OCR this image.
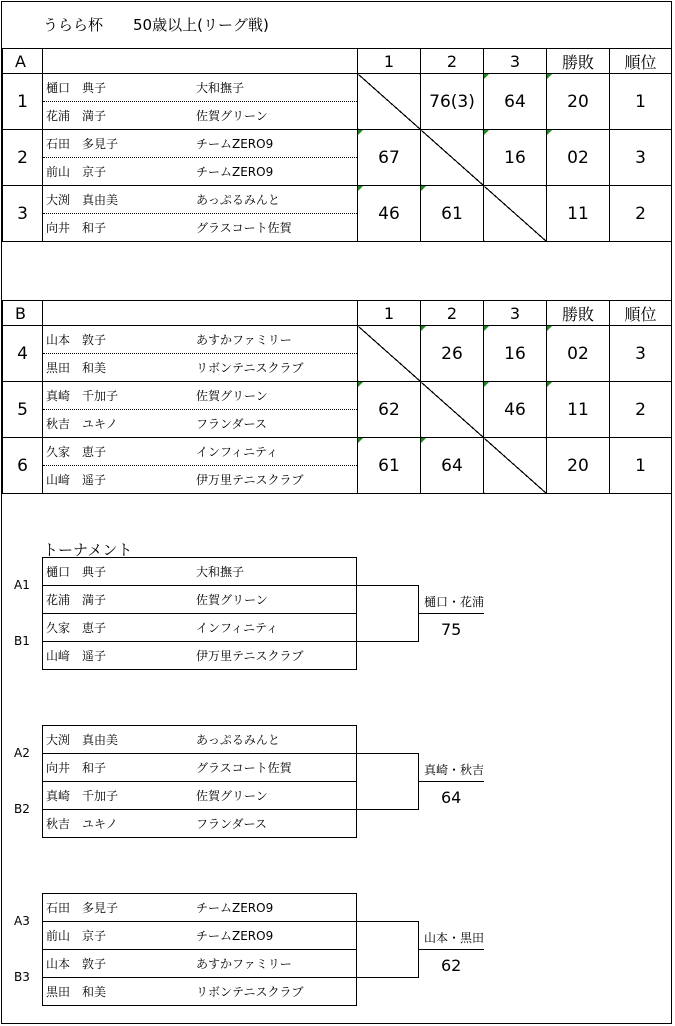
うらら杯　　50歳以上(リーグ戦)
A		1	2	3	勝敗	順位
1	樋口　典子 大和撫子
花浦　満子 佐賀グリーン		76(3)	64	20	1
2	石田　多見子 チームZERO9
前山　京子 チームZERO9	67		16	02	3
3	大渕　真由美 あっぷるみんと
向井　和子 グラスコート佐賀	46	61		11	2
B		1	2	3	勝敗	順位
4	山本　敦子 あすかファミリー
黒田　和美 リボンテニスクラブ		26	16	02	3
5	真崎　千加子 佐賀グリーン
秋吉　ユキノ フランダース	62		46	11	2
6	久家　恵子 インフィニティ
山﨑　遥子 伊万里テニスクラブ	61	64		20	1
トーナメント
A1
B1
樋口　典子	大和撫子
花浦　満子	佐賀グリーン
久家　恵子	インフィニティ
山﨑　遥子	伊万里テニスクラブ
樋口・花浦
75
A2
B2
大渕　真由美	あっぷるみんと
向井　和子	グラスコート佐賀
真崎　千加子	佐賀グリーン
秋吉　ユキノ	フランダース
真崎・秋吉
64
A3
B3
石田　多見子	チームZERO9
前山　京子	チームZERO9
山本　敦子	あすかファミリー
黒田　和美	リボンテニスクラブ
山本・黒田
62
